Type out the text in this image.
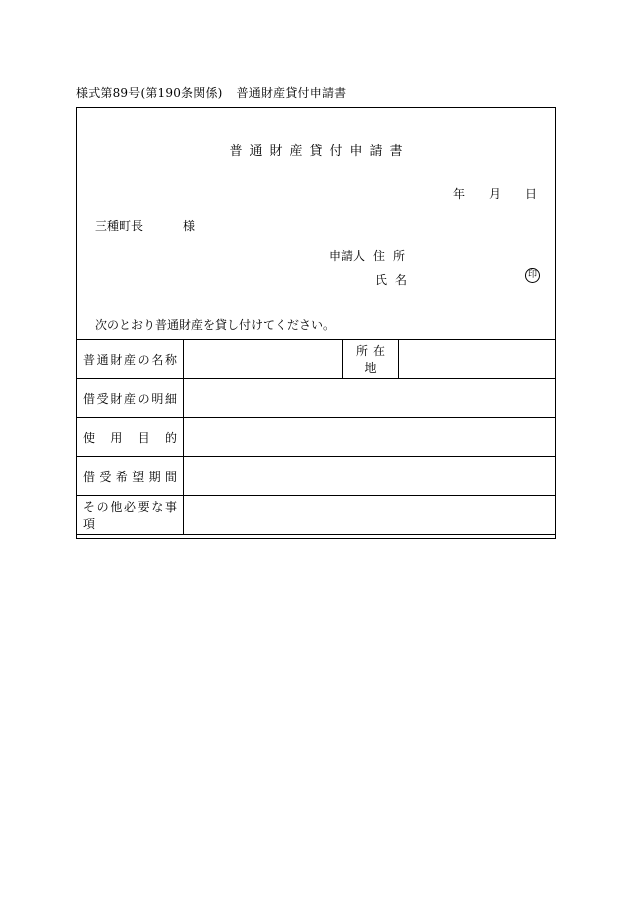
様式第89号(第190条関係) 普通財産貸付申請書
普通財産貸付申請書
年 月 日
三種町長	様
申請人 住所
氏名	印
次のとおり普通財産を貸し付けてください。
普通財産の名称		所在地	
借受財産の明細			
使用目的			
借受希望期間			
その他必要な事項			
